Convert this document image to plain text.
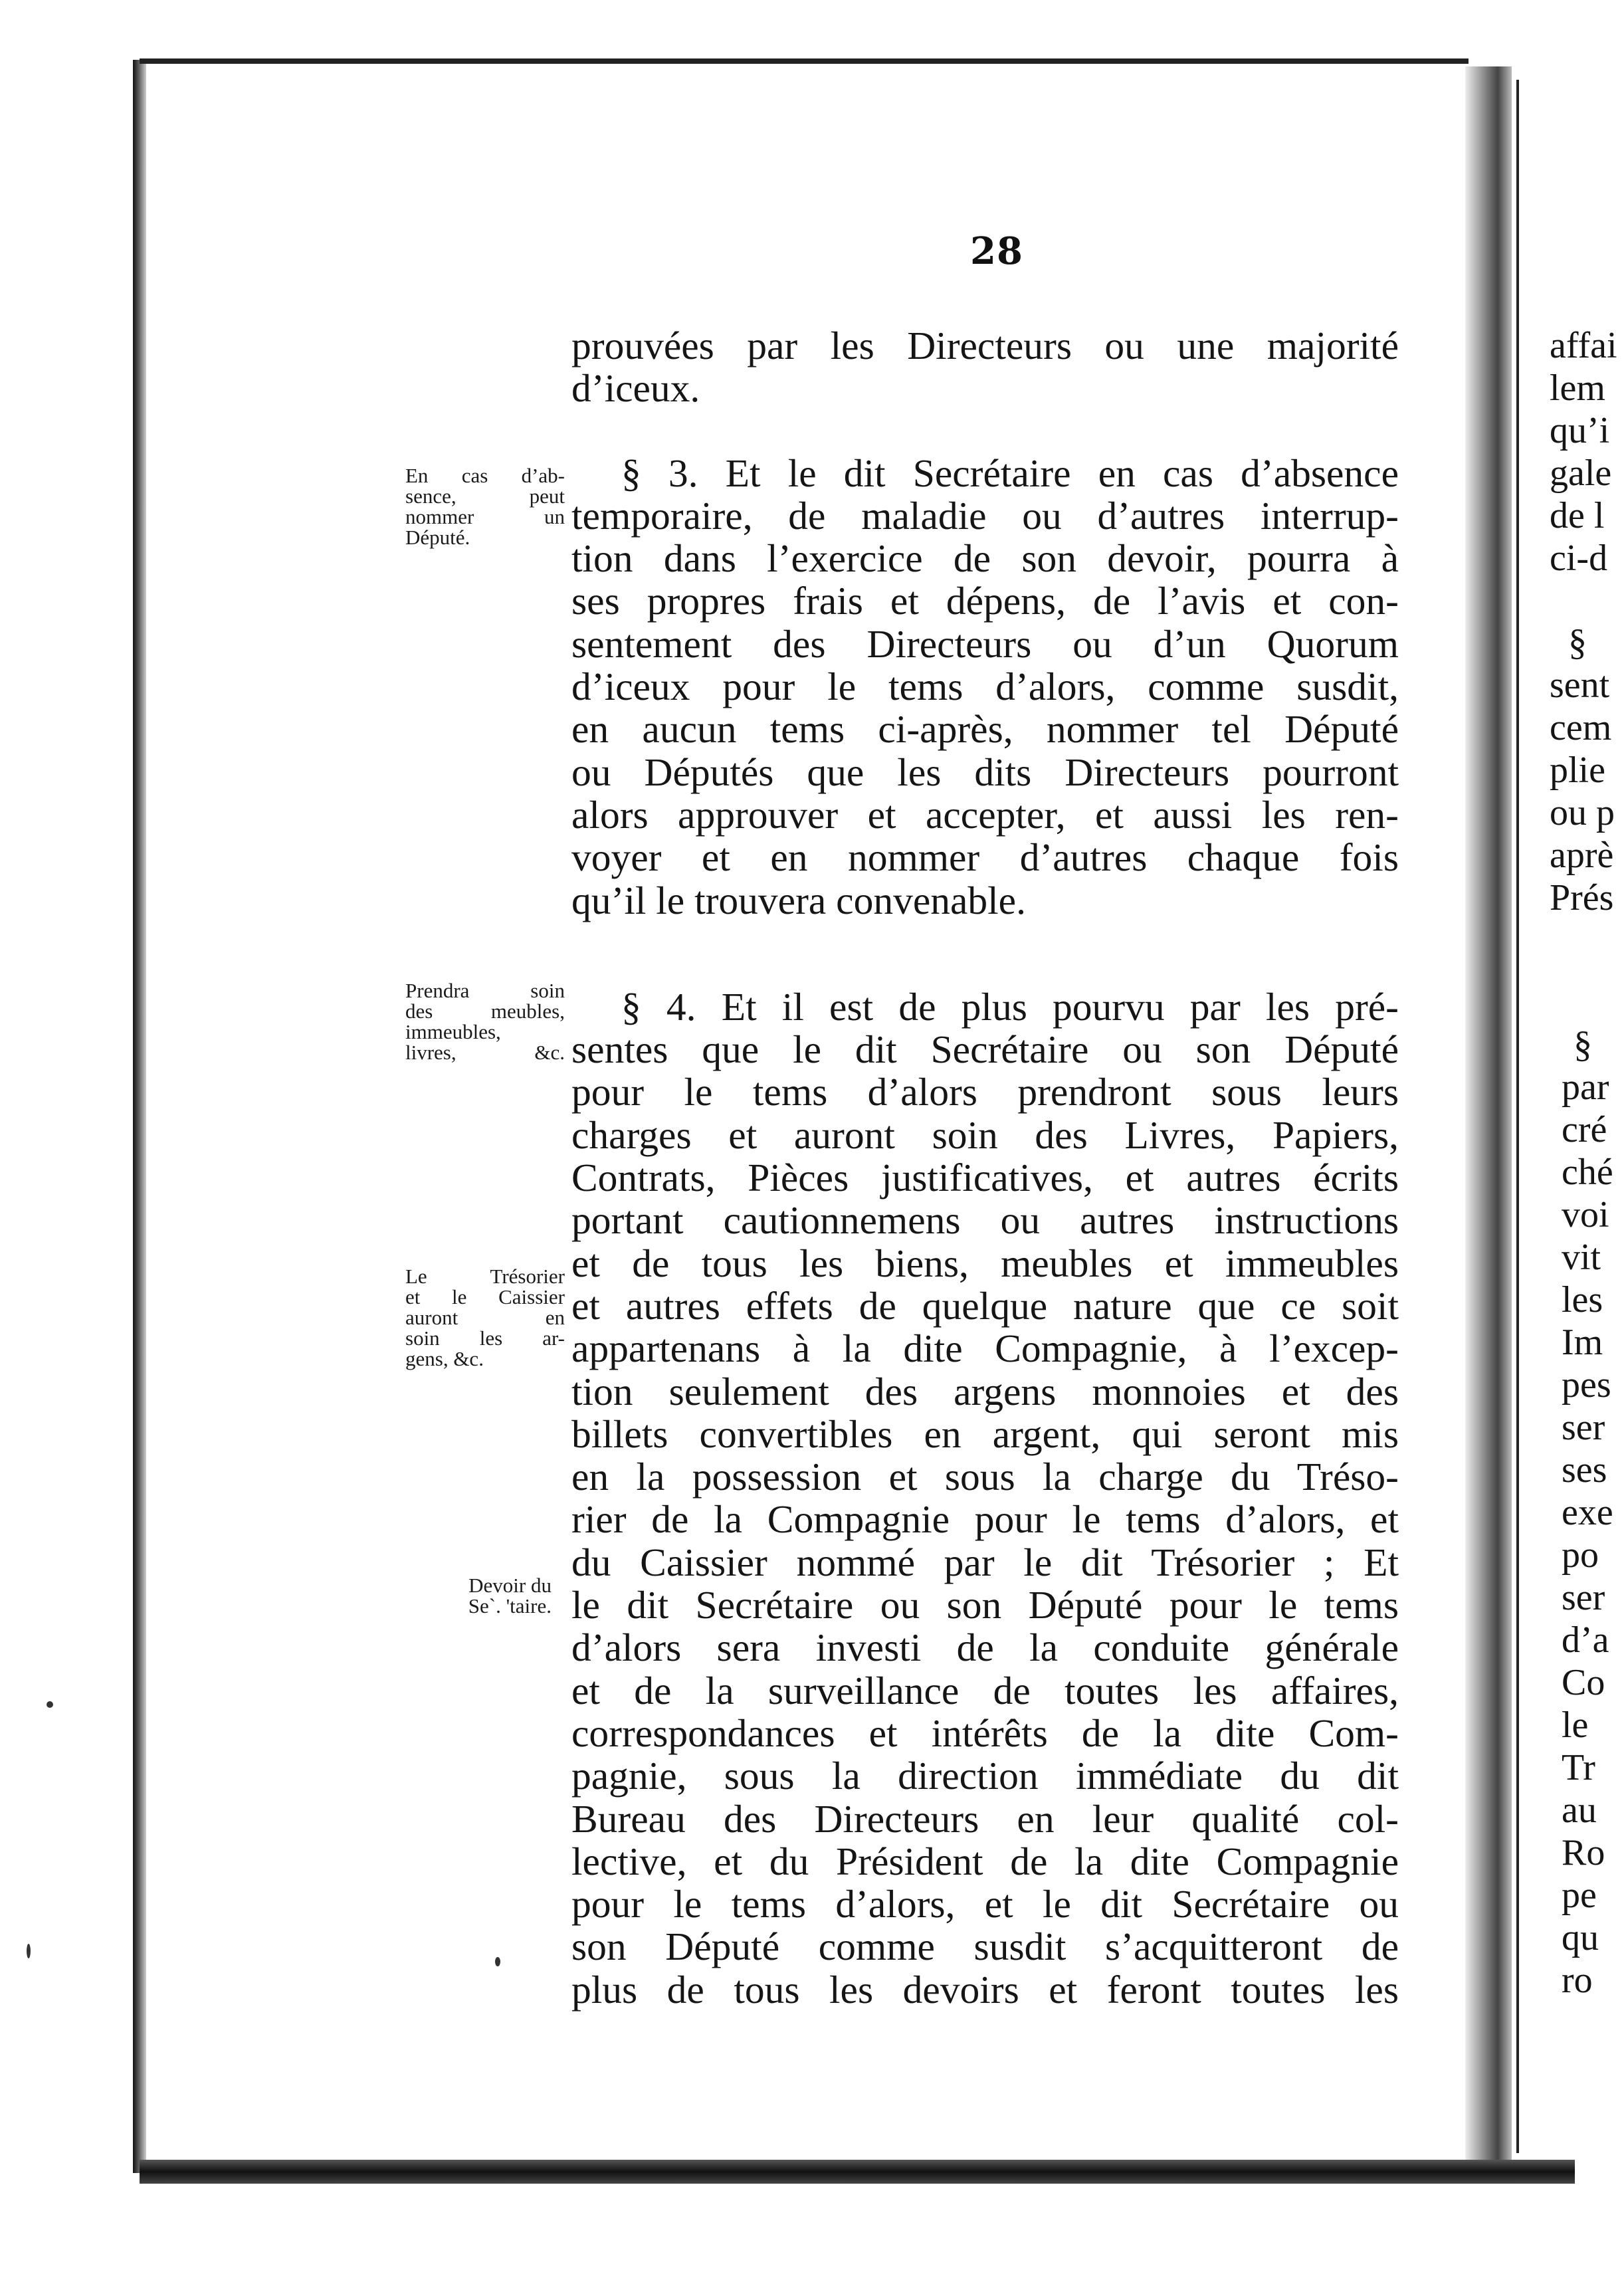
28
prouvées par les Directeurs ou une majorité
d’iceux.
§ 3. Et le dit Secrétaire en cas d’absence
temporaire, de maladie ou d’autres interrup-
tion dans l’exercice de son devoir, pourra à
ses propres frais et dépens, de l’avis et con-
sentement des Directeurs ou d’un Quorum
d’iceux pour le tems d’alors, comme susdit,
en aucun tems ci-après, nommer tel Député
ou Députés que les dits Directeurs pourront
alors approuver et accepter, et aussi les ren-
voyer et en nommer d’autres chaque fois
qu’il le trouvera convenable.
§ 4. Et il est de plus pourvu par les pré-
sentes que le dit Secrétaire ou son Député
pour le tems d’alors prendront sous leurs
charges et auront soin des Livres, Papiers,
Contrats, Pièces justificatives, et autres écrits
portant cautionnemens ou autres instructions
et de tous les biens, meubles et immeubles
et autres effets de quelque nature que ce soit
appartenans à la dite Compagnie, à l’excep-
tion seulement des argens monnoies et des
billets convertibles en argent, qui seront mis
en la possession et sous la charge du Tréso-
rier de la Compagnie pour le tems d’alors, et
du Caissier nommé par le dit Trésorier ; Et
le dit Secrétaire ou son Député pour le tems
d’alors sera investi de la conduite générale
et de la surveillance de toutes les affaires,
correspondances et intérêts de la dite Com-
pagnie, sous la direction immédiate du dit
Bureau des Directeurs en leur qualité col-
lective, et du Président de la dite Compagnie
pour le tems d’alors, et le dit Secrétaire ou
son Député comme susdit s’acquitteront de
plus de tous les devoirs et feront toutes les
En cas d’ab-
sence, peut
nommer un
Député.
Prendra soin
des meubles,
immeubles,
livres, &c.
Le Trésorier
et le Caissier
auront en
soin les ar-
gens, &c.
Devoir du
Se`. 'taire.
affai
lem
qu’i
gale
de l
ci-d
§
sent
cem
plie
ou p
aprè
Prés
§
par
cré
ché
voi
vit
les
Im
pes
ser
ses
exe
po
ser
d’a
Co
le
Tr
au
Ro
pe
qu
ro
